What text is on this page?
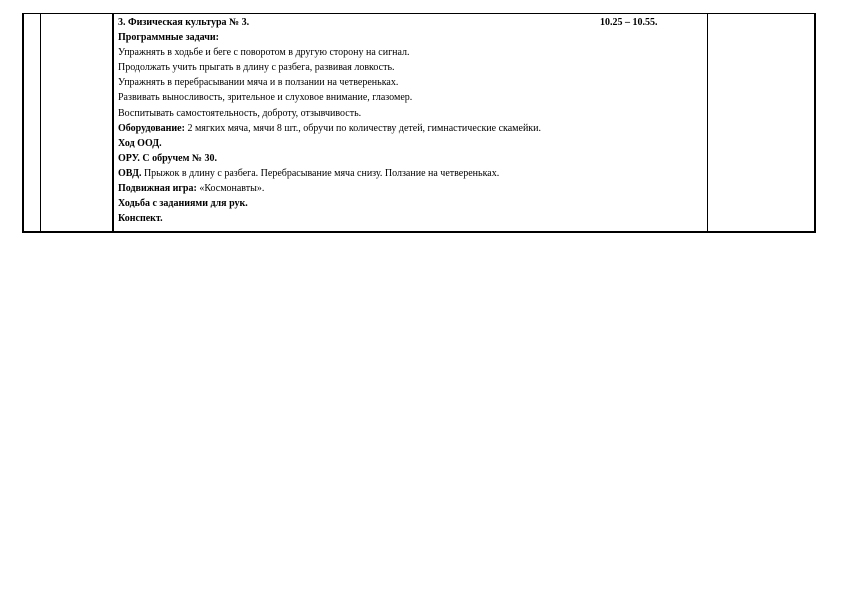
10.25 – 10.55.
3. Физическая культура № 3.
Программные задачи:
Упражнять в ходьбе и беге с поворотом в другую сторону на сигнал.
Продолжать учить прыгать в длину с разбега, развивая ловкость.
Упражнять в перебрасывании мяча и в ползании на четвереньках.
Развивать выносливость, зрительное и слуховое внимание, глазомер.
Воспитывать самостоятельность, доброту, отзывчивость.
Оборудование: 2 мягких мяча, мячи 8 шт., обручи по количеству детей, гимнастические скамейки.
Ход ООД.
ОРУ. С обручем № 30.
ОВД. Прыжок в длину с разбега. Перебрасывание мяча снизу. Ползание на четвереньках.
Подвижная игра: «Космонавты».
Ходьба с заданиями для рук.
Конспект.
